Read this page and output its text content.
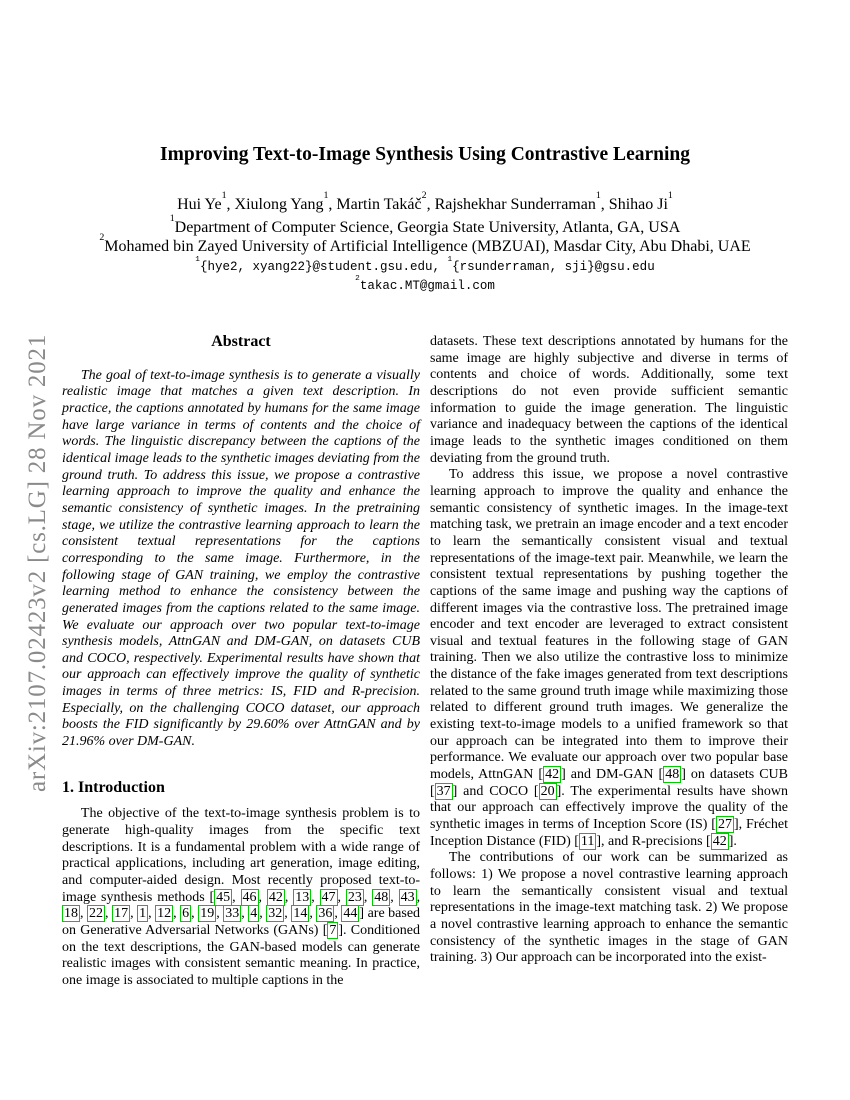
arXiv:2107.02423v2 [cs.LG] 28 Nov 2021
Improving Text-to-Image Synthesis Using Contrastive Learning
Hui Ye$^1$, Xiulong Yang$^1$, Martin Takáč$^2$, Rajshekhar Sunderraman$^1$, Shihao Ji$^1$
$^1$Department of Computer Science, Georgia State University, Atlanta, GA, USA
$^2$Mohamed bin Zayed University of Artificial Intelligence (MBZUAI), Masdar City, Abu Dhabi, UAE
$^1${hye2, xyang22}@student.gsu.edu, $^1${rsunderraman, sji}@gsu.edu
$^2$takac.MT@gmail.com
Abstract

The goal of text-to-image synthesis is to generate a visually realistic image that matches a given text description. In practice, the captions annotated by humans for the same image have large variance in terms of contents and the choice of words. The linguistic discrepancy between the captions of the identical image leads to the synthetic images deviating from the ground truth. To address this issue, we propose a contrastive learning approach to improve the quality and enhance the semantic consistency of synthetic images. In the pretraining stage, we utilize the contrastive learning approach to learn the consistent textual representations for the captions corresponding to the same image. Furthermore, in the following stage of GAN training, we employ the contrastive learning method to enhance the consistency between the generated images from the captions related to the same image. We evaluate our approach over two popular text-to-image synthesis models, AttnGAN and DM-GAN, on datasets CUB and COCO, respectively. Experimental results have shown that our approach can effectively improve the quality of synthetic images in terms of three metrics: IS, FID and R-precision. Especially, on the challenging COCO dataset, our approach boosts the FID significantly by 29.60% over AttnGAN and by 21.96% over DM-GAN.

1. Introduction

The objective of the text-to-image synthesis problem is to generate high-quality images from the specific text descriptions. It is a fundamental problem with a wide range of practical applications, including art generation, image editing, and computer-aided design. Most recently proposed text-to-image synthesis methods [ 45 , 46 , 42 , 13 , 47 , 23 , 48 , 43 , 18 , 22 , 17 , 1 , 12 , 6 , 19 , 33 , 4 , 32 , 14 , 36 , 44 ] are based on Generative Adversarial Networks (GANs) [ 7 ]. Conditioned on the text descriptions, the GAN-based models can generate realistic images with consistent semantic meaning. In practice, one image is associated to multiple captions in the

datasets. These text descriptions annotated by humans for the same image are highly subjective and diverse in terms of contents and choice of words. Additionally, some text descriptions do not even provide sufficient semantic information to guide the image generation. The linguistic variance and inadequacy between the captions of the identical image leads to the synthetic images conditioned on them deviating from the ground truth.

To address this issue, we propose a novel contrastive learning approach to improve the quality and enhance the semantic consistency of synthetic images. In the image-text matching task, we pretrain an image encoder and a text encoder to learn the semantically consistent visual and textual representations of the image-text pair. Meanwhile, we learn the consistent textual representations by pushing together the captions of the same image and pushing way the captions of different images via the contrastive loss. The pretrained image encoder and text encoder are leveraged to extract consistent visual and textual features in the following stage of GAN training. Then we also utilize the contrastive loss to minimize the distance of the fake images generated from text descriptions related to the same ground truth image while maximizing those related to different ground truth images. We generalize the existing text-to-image models to a unified framework so that our approach can be integrated into them to improve their performance. We evaluate our approach over two popular base models, AttnGAN [ 42 ] and DM-GAN [ 48 ] on datasets CUB [ 37 ] and COCO [ 20 ]. The experimental results have shown that our approach can effectively improve the quality of the synthetic images in terms of Inception Score (IS) [ 27 ], Fréchet Inception Distance (FID) [ 11 ], and R-precisions [ 42 ].

The contributions of our work can be summarized as follows: 1) We propose a novel contrastive learning approach to learn the semantically consistent visual and textual representations in the image-text matching task. 2) We propose a novel contrastive learning approach to enhance the semantic consistency of the synthetic images in the stage of GAN training. 3) Our approach can be incorporated into the exist-
